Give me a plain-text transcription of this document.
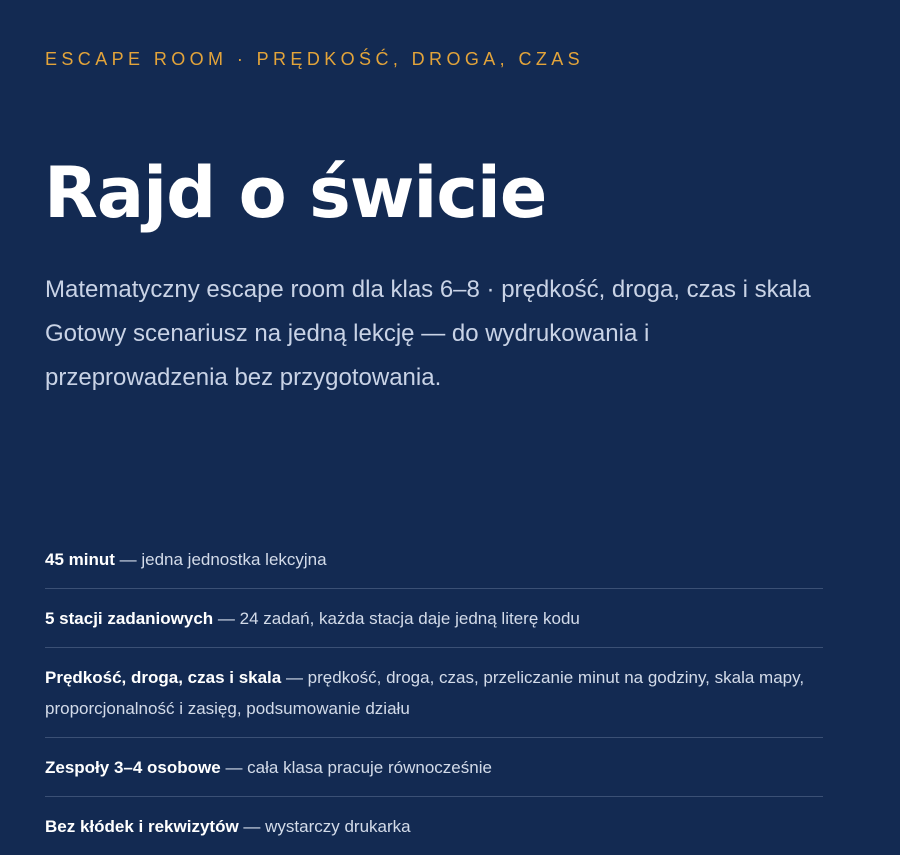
ESCAPE ROOM · PRĘDKOŚĆ, DROGA, CZAS
Rajd o świcie

Matematyczny escape room dla klas 6–8 · prędkość, droga, czas i skala
Gotowy scenariusz na jedną lekcję — do wydrukowania i przeprowadzenia bez przygotowania.

45 minut — jedna jednostka lekcyjna
5 stacji zadaniowych — 24 zadań, każda stacja daje jedną literę kodu
Prędkość, droga, czas i skala — prędkość, droga, czas, przeliczanie minut na godziny, skala mapy, proporcjonalność i zasięg, podsumowanie działu
Zespoły 3–4 osobowe — cała klasa pracuje równocześnie
Bez kłódek i rekwizytów — wystarczy drukarka
